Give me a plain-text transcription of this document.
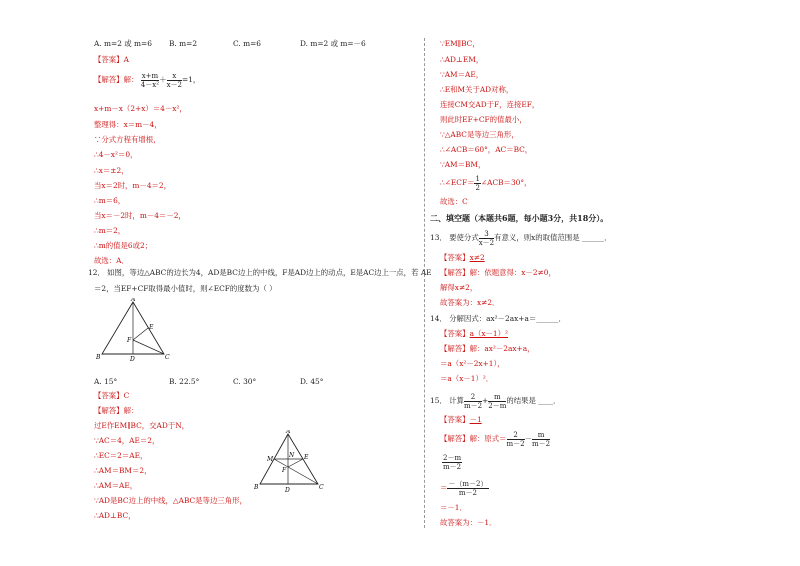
A. m=2 或 m=6 B. m=2	C. m=6	D. m=2 或 m=－6
【答案】A
【解答】解： $\frac{x+m}{\text{4－x²}} + \frac{x}{x-2} =1$，
x+m－x（2+x）＝4－x²，
整理得：x＝m－4，
∵分式方程有增根，
∴4－x²＝0，
∴x＝±2，
当x＝2时，m－4＝2，
∴m＝6，
当x＝－2时，m－4＝－2，
∴m＝2，
∴m的值是6或2；
故选：A．
12． 如图，等边△ABC的边长为4，AD是BC边上的中线，F是AD边上的动点，E是AC边上一点，若 AE
＝2，当EF+CF取得最小值时，则∠ECF的度数为（ ）
A
B	C
D
E
F
A. 15°	B. 22.5°	C. 30°	D. 45°
【答案】C
【解答】解：
过E作EM∥BC，交AD于N，
∵AC＝4，AE＝2，
∴EC＝2＝AE，
∴AM＝BM＝2，
∴AM＝AE，
∵AD是BC边上的中线，△ABC是等边三角形，
∴AD⊥BC，
A
B	C
D
E
F
M
N
∵EM∥BC，
∴AD⊥EM，
∵AM＝AE，
∴E和M关于AD对称，
连接CM交AD于F，连接EF，
则此时EF+CF的值最小，
∵△ABC是等边三角形，
∴∠ACB＝60°，AC＝BC，
∵AM＝BM，
∴∠ECF＝ $\frac{1}{2}$ ∠ACB＝30°，
故选：C
二、填空题（本题共6题，每小题3分，共18分）。
13． 要使分式 $\frac{3}{x-2}$ 有意义，则x的取值范围是 ______．
【答案】x≠2
【解答】解：依题意得：x－2≠0，
解得x≠2，
故答案为：x≠2．
14． 分解因式：ax²－2ax+a＝______．
【答案】a（x－1）²
【解答】解：ax²－2ax+a，
＝a（x²－2x+1），
＝a（x－1）²．
15． 计算 $\frac{2}{m-2} + \frac{m}{2-m}$ 的结果是 ____．
【答案】－1
【解答】解：原式＝ $\frac{2}{m-2} - \frac{m}{m-2}$
$\frac{2-m}{m-2}$
＝ $\frac{-(m-2)}{m-2}$
＝－1．
故答案为：－1．
